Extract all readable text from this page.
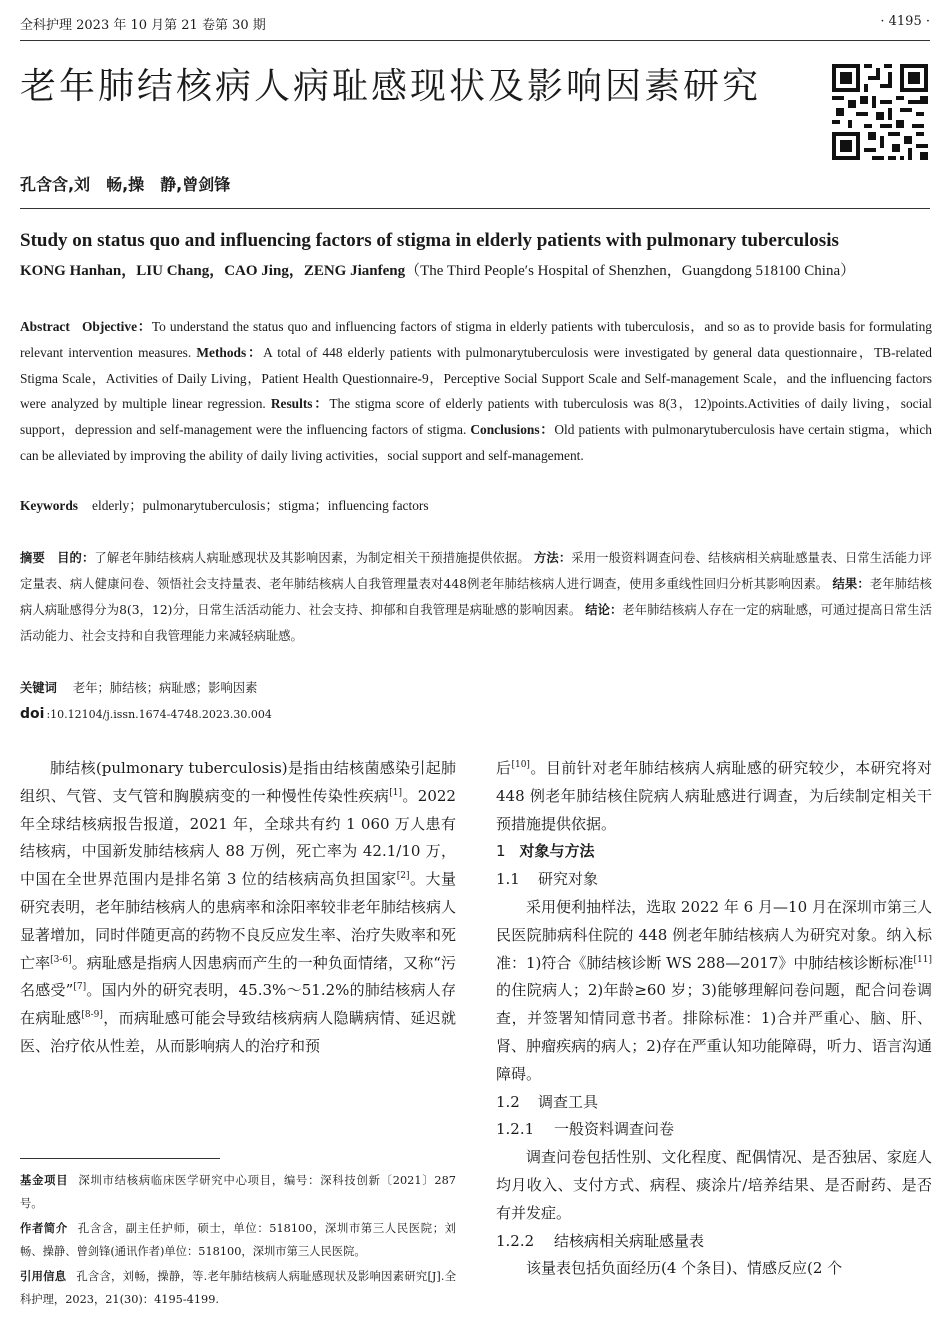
全科护理 2023 年 10 月第 21 卷第 30 期	· 4195 ·
老年肺结核病人病耻感现状及影响因素研究
孔含含,刘　畅,操　静,曾剑锋
Study on status quo and influencing factors of stigma in elderly patients with pulmonary tuberculosis
KONG Hanhan，LIU Chang，CAO Jing，ZENG Jianfeng（The Third People′s Hospital of Shenzhen，Guangdong 518100 China）
Abstract Objective：To understand the status quo and influencing factors of stigma in elderly patients with tuberculosis，and so as to provide basis for formulating relevant intervention measures. Methods：A total of 448 elderly patients with pulmonarytuberculosis were investigated by general data questionnaire，TB-related Stigma Scale，Activities of Daily Living，Patient Health Questionnaire-9，Perceptive Social Support Scale and Self-management Scale，and the influencing factors were analyzed by multiple linear regression. Results：The stigma score of elderly patients with tuberculosis was 8(3，12)points.Activities of daily living，social support，depression and self-management were the influencing factors of stigma. Conclusions：Old patients with pulmonarytuberculosis have certain stigma，which can be alleviated by improving the ability of daily living activities，social support and self-management.
Keywords elderly；pulmonarytuberculosis；stigma；influencing factors
摘要 目的：了解老年肺结核病人病耻感现状及其影响因素，为制定相关干预措施提供依据。 方法：采用一般资料调查问卷、结核病相关病耻感量表、日常生活能力评定量表、病人健康问卷、领悟社会支持量表、老年肺结核病人自我管理量表对448例老年肺结核病人进行调查，使用多重线性回归分析其影响因素。 结果：老年肺结核病人病耻感得分为8(3，12)分，日常生活活动能力、社会支持、抑郁和自我管理是病耻感的影响因素。 结论：老年肺结核病人存在一定的病耻感，可通过提高日常生活活动能力、社会支持和自我管理能力来减轻病耻感。
关键词 老年；肺结核；病耻感；影响因素
doi :10.12104/j.issn.1674-4748.2023.30.004

肺结核(pulmonary tuberculosis)是指由结核菌感染引起肺组织、气管、支气管和胸膜病变的一种慢性传染性疾病[1]。2022 年全球结核病报告报道，2021 年，全球共有约 1 060 万人患有结核病，中国新发肺结核病人 88 万例，死亡率为 42.1/10 万，中国在全世界范围内是排名第 3 位的结核病高负担国家[2]。大量研究表明，老年肺结核病人的患病率和涂阳率较非老年肺结核病人显著增加，同时伴随更高的药物不良反应发生率、治疗失败率和死亡率[3-6]。病耻感是指病人因患病而产生的一种负面情绪，又称“污名感受”[7]。国内外的研究表明，45.3%～51.2%的肺结核病人存在病耻感[8-9]，而病耻感可能会导致结核病病人隐瞒病情、延迟就医、治疗依从性差，从而影响病人的治疗和预

基金项目 深圳市结核病临床医学研究中心项目，编号：深科技创新〔2021〕287 号。

作者简介 孔含含，副主任护师，硕士，单位：518100，深圳市第三人民医院；刘畅、操静、曾剑锋(通讯作者)单位：518100，深圳市第三人民医院。

引用信息 孔含含，刘畅，操静，等.老年肺结核病人病耻感现状及影响因素研究[J].全科护理，2023，21(30)：4195-4199.

后[10]。目前针对老年肺结核病人病耻感的研究较少，本研究将对 448 例老年肺结核住院病人病耻感进行调查，为后续制定相关干预措施提供依据。

1 对象与方法

1.1 研究对象

采用便利抽样法，选取 2022 年 6 月—10 月在深圳市第三人民医院肺病科住院的 448 例老年肺结核病人为研究对象。纳入标准：1)符合《肺结核诊断 WS 288—2017》中肺结核诊断标准[11]的住院病人；2)年龄≥60 岁；3)能够理解问卷问题，配合问卷调查，并签署知情同意书者。排除标准：1)合并严重心、脑、肝、肾、肿瘤疾病的病人；2)存在严重认知功能障碍，听力、语言沟通障碍。

1.2 调查工具

1.2.1 一般资料调查问卷

调查问卷包括性别、文化程度、配偶情况、是否独居、家庭人均月收入、支付方式、病程、痰涂片/培养结果、是否耐药、是否有并发症。

1.2.2 结核病相关病耻感量表

该量表包括负面经历(4 个条目)、情感反应(2 个
